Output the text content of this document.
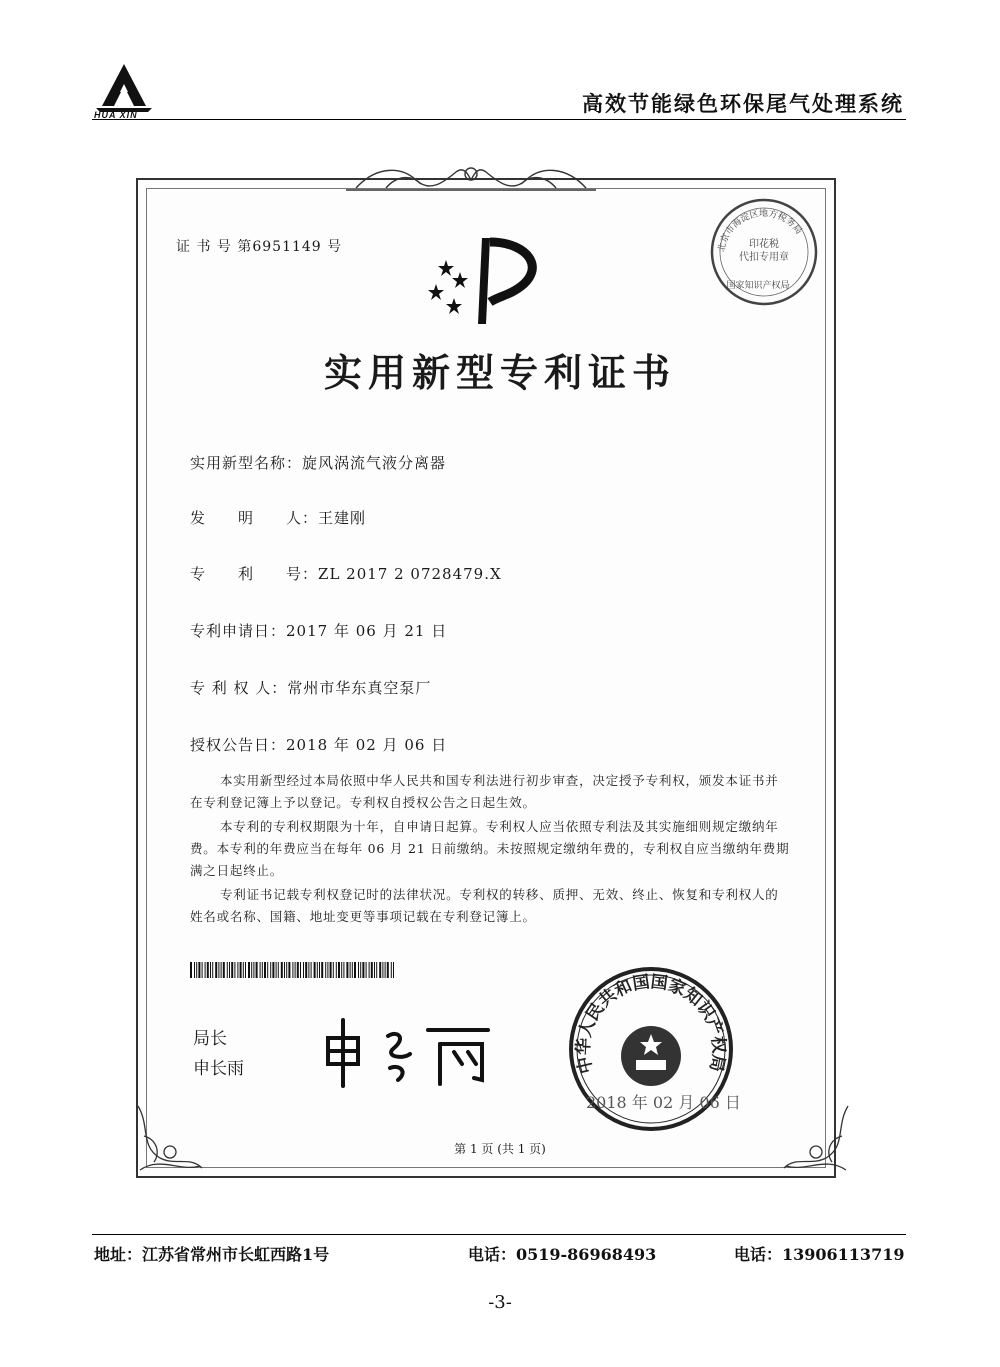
HUA XIN	高效节能绿色环保尾气处理系统
证 书 号 第6951149 号	北京市海淀区地方税务局
印花税
代扣专用章
国家知识产权局
实用新型专利证书
实用新型名称：旋风涡流气液分离器
发　　明　　人：王建刚
专　　利　　号：ZL 2017 2 0728479.X
专利申请日：2017 年 06 月 21 日
专 利 权 人：常州市华东真空泵厂
授权公告日：2018 年 02 月 06 日
本实用新型经过本局依照中华人民共和国专利法进行初步审查，决定授予专利权，颁发本证书并在专利登记簿上予以登记。专利权自授权公告之日起生效。
本专利的专利权期限为十年，自申请日起算。专利权人应当依照专利法及其实施细则规定缴纳年费。本专利的年费应当在每年 06 月 21 日前缴纳。未按照规定缴纳年费的，专利权自应当缴纳年费期满之日起终止。
专利证书记载专利权登记时的法律状况。专利权的转移、质押、无效、终止、恢复和专利权人的姓名或名称、国籍、地址变更等事项记载在专利登记簿上。
局长
申长雨	中华人民共和国国家知识产权局
2018 年 02 月 06 日
第 1 页 (共 1 页)
地址：江苏省常州市长虹西路1号	电话：0519-86968493	电话：13906113719
-3-
